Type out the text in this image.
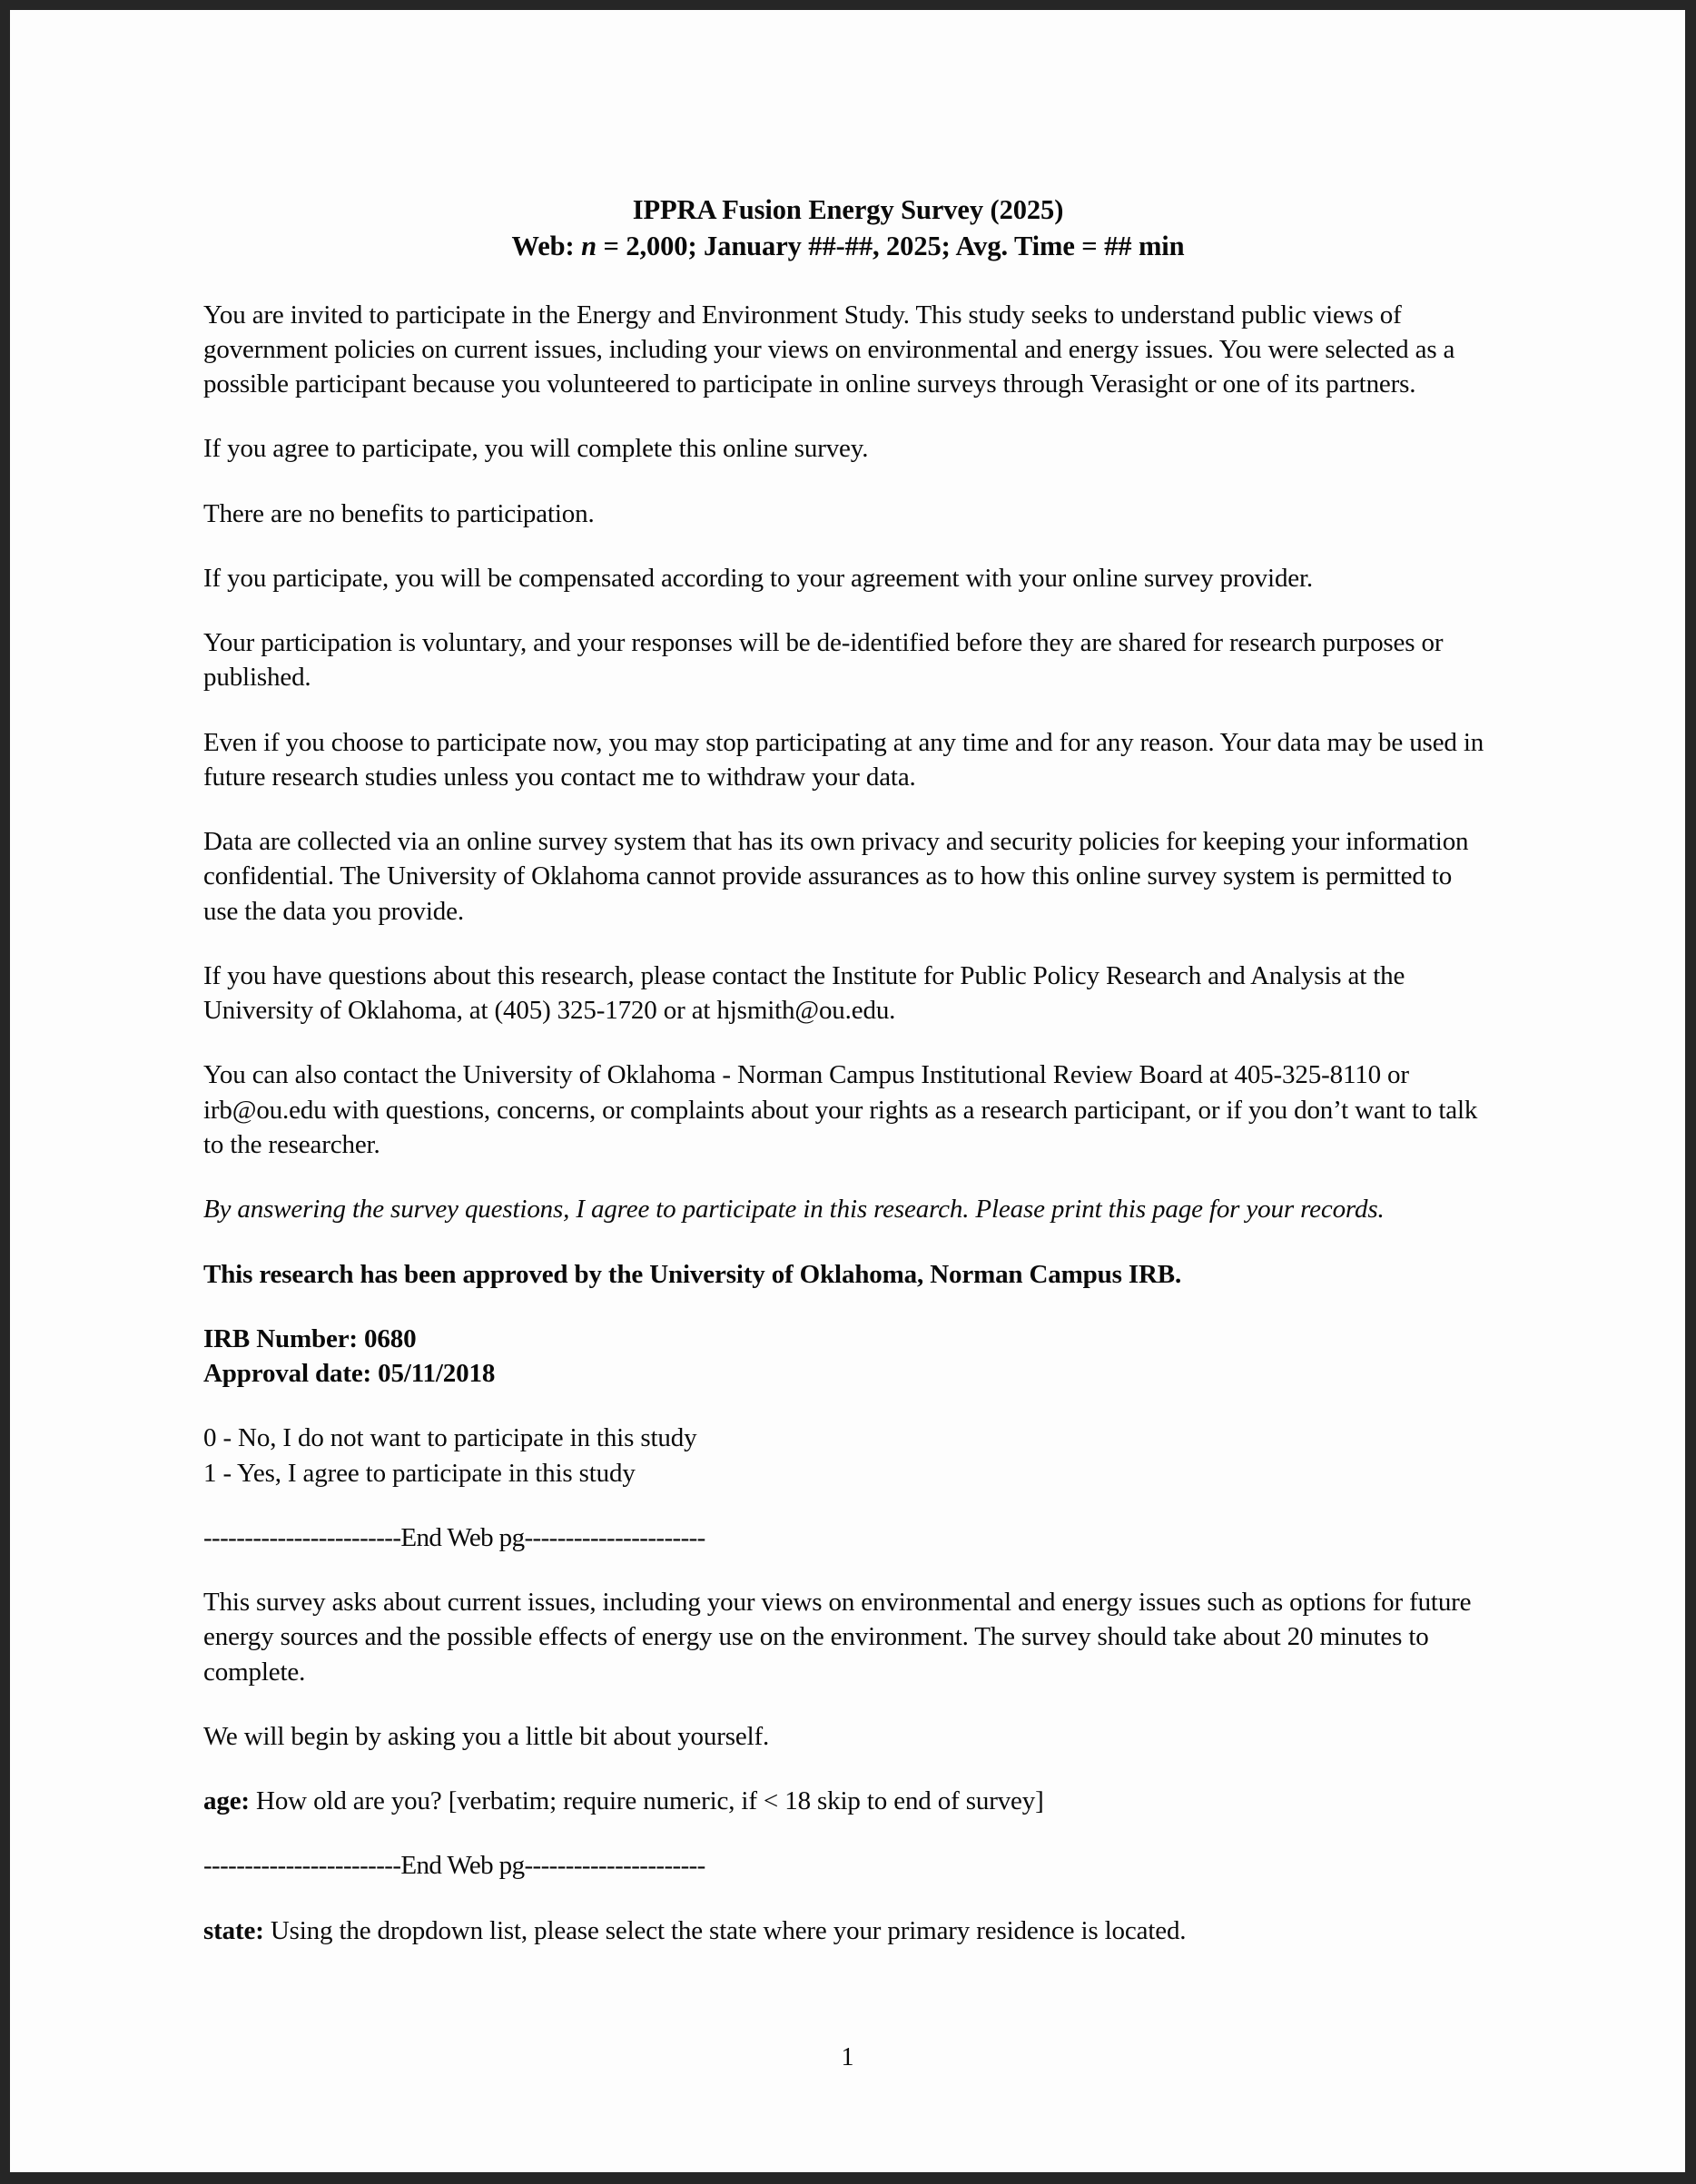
IPPRA Fusion Energy Survey (2025)
Web: n = 2,000; January ##-##, 2025; Avg. Time = ## min

You are invited to participate in the Energy and Environment Study. This study seeks to understand public views of government policies on current issues, including your views on environmental and energy issues. You were selected as a possible participant because you volunteered to participate in online surveys through Verasight or one of its partners.

If you agree to participate, you will complete this online survey.

There are no benefits to participation.

If you participate, you will be compensated according to your agreement with your online survey provider.

Your participation is voluntary, and your responses will be de-identified before they are shared for research purposes or published.

Even if you choose to participate now, you may stop participating at any time and for any reason. Your data may be used in future research studies unless you contact me to withdraw your data.

Data are collected via an online survey system that has its own privacy and security policies for keeping your information confidential. The University of Oklahoma cannot provide assurances as to how this online survey system is permitted to use the data you provide.

If you have questions about this research, please contact the Institute for Public Policy Research and Analysis at the University of Oklahoma, at (405) 325-1720 or at hjsmith@ou.edu.

You can also contact the University of Oklahoma - Norman Campus Institutional Review Board at 405-325-8110 or irb@ou.edu with questions, concerns, or complaints about your rights as a research participant, or if you don’t want to talk to the researcher.

By answering the survey questions, I agree to participate in this research. Please print this page for your records.

This research has been approved by the University of Oklahoma, Norman Campus IRB.

IRB Number: 0680

Approval date: 05/11/2018

0 - No, I do not want to participate in this study

1 - Yes, I agree to participate in this study

------------------------End Web pg----------------------

This survey asks about current issues, including your views on environmental and energy issues such as options for future energy sources and the possible effects of energy use on the environment. The survey should take about 20 minutes to complete.

We will begin by asking you a little bit about yourself.

age: How old are you? [verbatim; require numeric, if < 18 skip to end of survey]

------------------------End Web pg----------------------

state: Using the dropdown list, please select the state where your primary residence is located.

1
